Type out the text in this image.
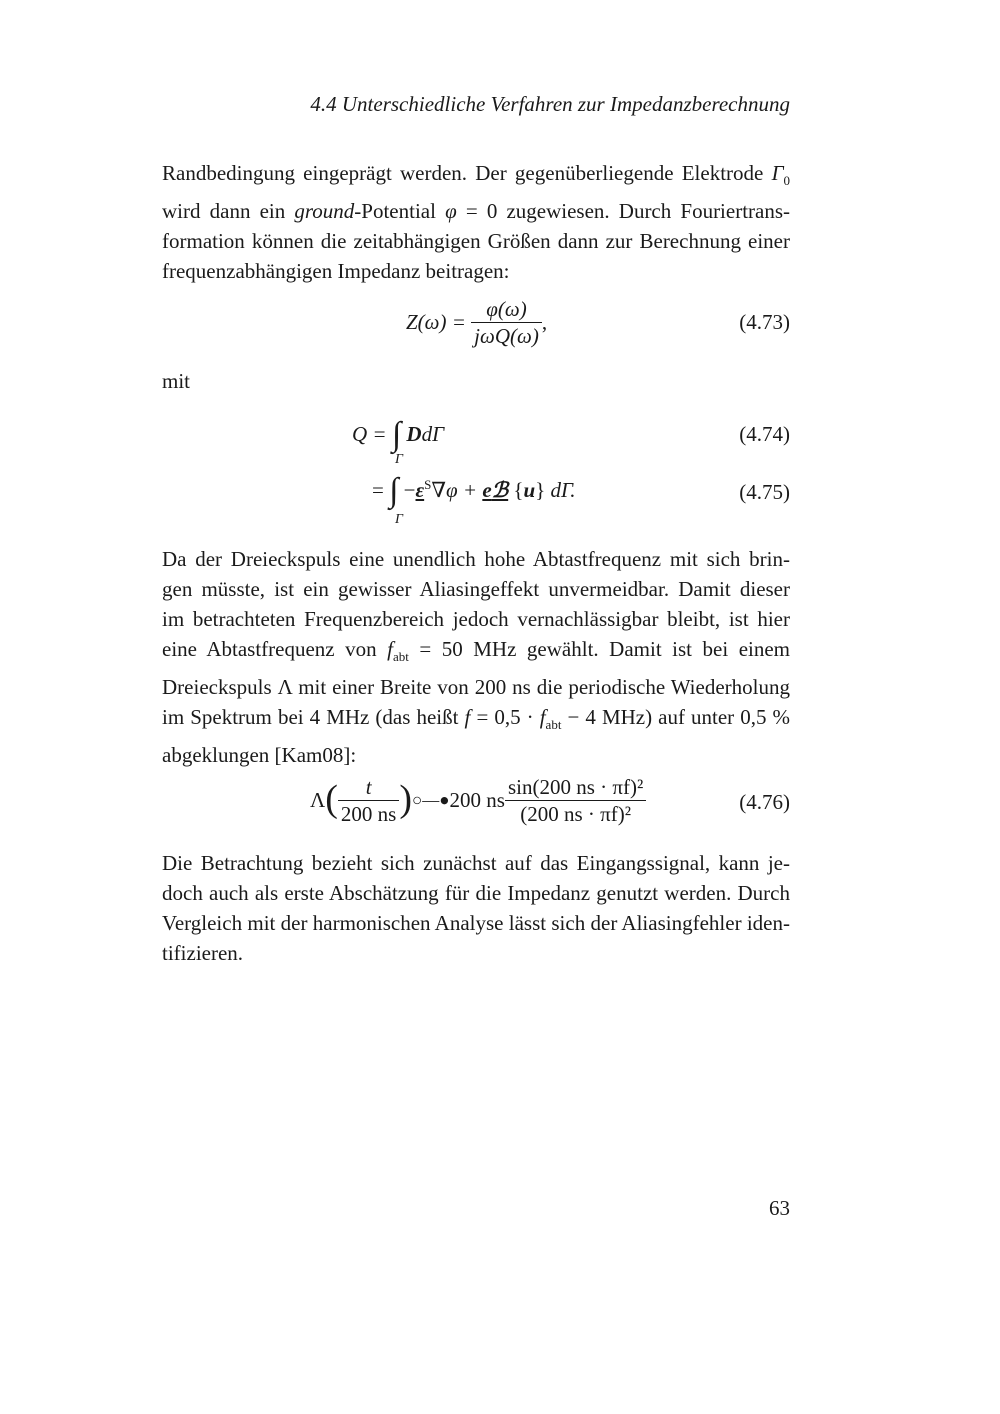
4.4 Unterschiedliche Verfahren zur Impedanzberechnung
Randbedingung eingeprägt werden. Der gegenüberliegende Elektrode $\Gamma_0$
wird dann ein ground-Potential φ = 0 zugewiesen. Durch Fouriertrans-
formation können die zeitabhängigen Größen dann zur Berechnung einer
frequenzabhängigen Impedanz beitragen:
$Z(\omega) = \frac{\varphi(\omega)}{\text{jωQ(ω)}}$ ,	(4.73)
mit
Q = ∫ DdΓ
Γ
(4.74)
= ∫ $-\varepsilon^S\nabla\varphi$ + eℬ {u} dΓ.
Γ
(4.75)
Da der Dreieckspuls eine unendlich hohe Abtastfrequenz mit sich brin-
gen müsste, ist ein gewisser Aliasingeffekt unvermeidbar. Damit dieser
im betrachteten Frequenzbereich jedoch vernachlässigbar bleibt, ist hier
eine Abtastfrequenz von $f_{abt} = 50$ MHz gewählt. Damit ist bei einem
Dreieckspuls Λ mit einer Breite von 200 ns die periodische Wiederholung
im Spektrum bei 4 MHz (das heißt $f = 0,5 \cdot f_{abt} - 4$ MHz) auf unter 0,5 %
abgeklungen [Kam08]:
$\Lambda( \frac{t}{200 ns}$ )○—●200 ns $\frac{\text{sin(200 ns · πf)²}}{\text{(200 ns · πf)²}}$	(4.76)
Die Betrachtung bezieht sich zunächst auf das Eingangssignal, kann je-
doch auch als erste Abschätzung für die Impedanz genutzt werden. Durch
Vergleich mit der harmonischen Analyse lässt sich der Aliasingfehler iden-
tifizieren.
63
